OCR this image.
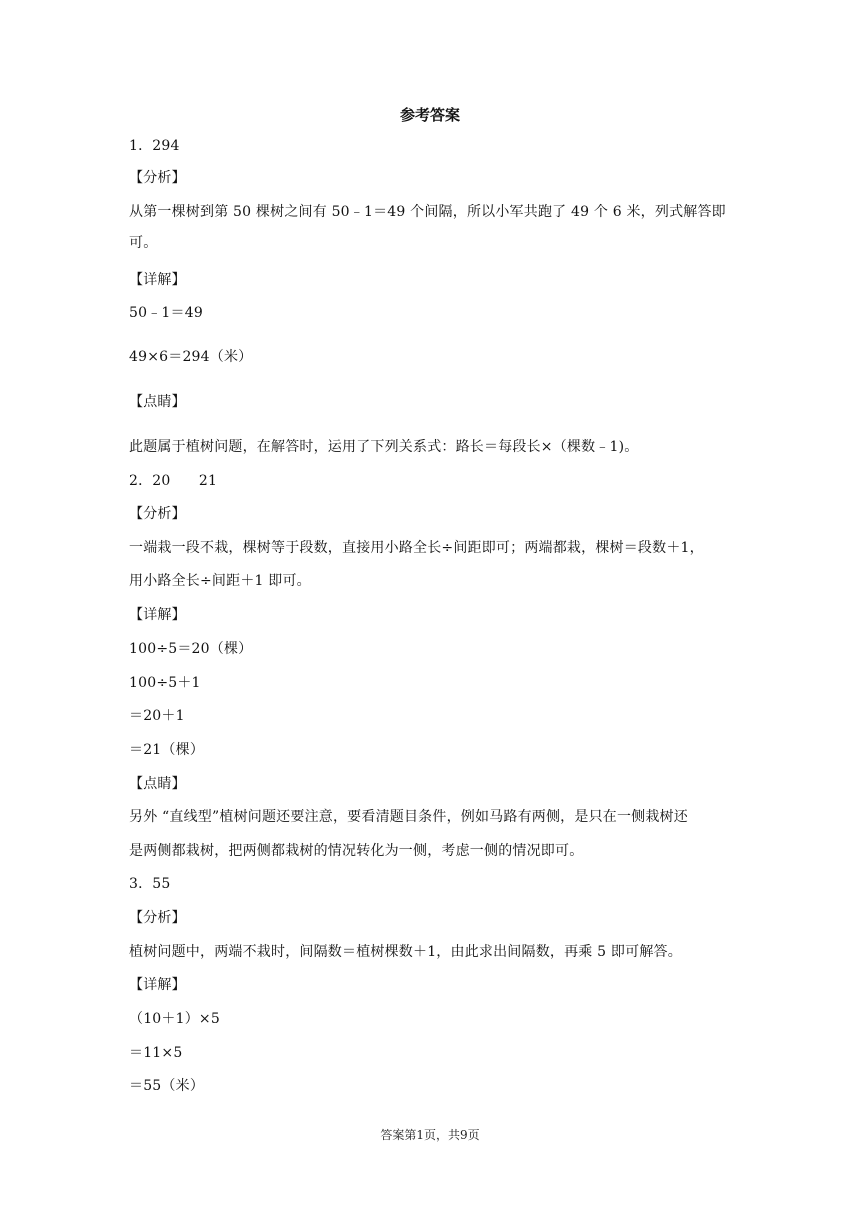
参考答案
1．294
【分析】
从第一棵树到第 50 棵树之间有 50﹣1＝49 个间隔，所以小军共跑了 49 个 6 米，列式解答即
可。
【详解】
50﹣1＝49
49×6＝294（米）
【点睛】
此题属于植树问题，在解答时，运用了下列关系式：路长＝每段长×（棵数﹣1)。
2．20　　21
【分析】
一端栽一段不栽，棵树等于段数，直接用小路全长÷间距即可；两端都栽，棵树＝段数＋1，
用小路全长÷间距＋1 即可。
【详解】
100÷5＝20（棵）
100÷5＋1
＝20＋1
＝21（棵）
【点睛】
另外 “直线型”植树问题还要注意，要看清题目条件，例如马路有两侧，是只在一侧栽树还
是两侧都栽树，把两侧都栽树的情况转化为一侧，考虑一侧的情况即可。
3．55
【分析】
植树问题中，两端不栽时，间隔数＝植树棵数＋1，由此求出间隔数，再乘 5 即可解答。
【详解】
（10＋1）×5
＝11×5
＝55（米）
答案第1页，共9页
